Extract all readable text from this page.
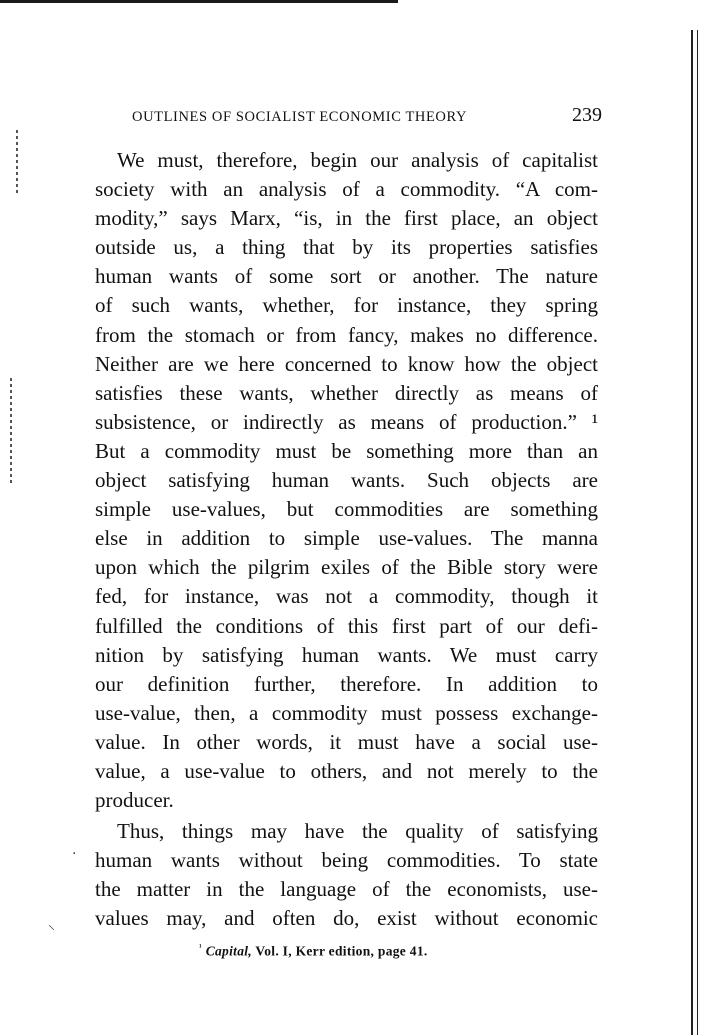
·
⸜
OUTLINES OF SOCIALIST ECONOMIC THEORY	239
We must, therefore, begin our analysis of capitalist
society with an analysis of a commodity. “A com-
modity,” says Marx, “is, in the first place, an object
outside us, a thing that by its properties satisfies
human wants of some sort or another. The nature
of such wants, whether, for instance, they spring
from the stomach or from fancy, makes no difference.
Neither are we here concerned to know how the object
satisfies these wants, whether directly as means of
subsistence, or indirectly as means of production.” ¹
But a commodity must be something more than an
object satisfying human wants. Such objects are
simple use-values, but commodities are something
else in addition to simple use-values. The manna
upon which the pilgrim exiles of the Bible story were
fed, for instance, was not a commodity, though it
fulfilled the conditions of this first part of our defi-
nition by satisfying human wants. We must carry
our definition further, therefore. In addition to
use-value, then, a commodity must possess exchange-
value. In other words, it must have a social use-
value, a use-value to others, and not merely to the
producer.
Thus, things may have the quality of satisfying
human wants without being commodities. To state
the matter in the language of the economists, use-
values may, and often do, exist without economic
$^{^1}$ Capital, Vol. I, Kerr edition, page 41.
